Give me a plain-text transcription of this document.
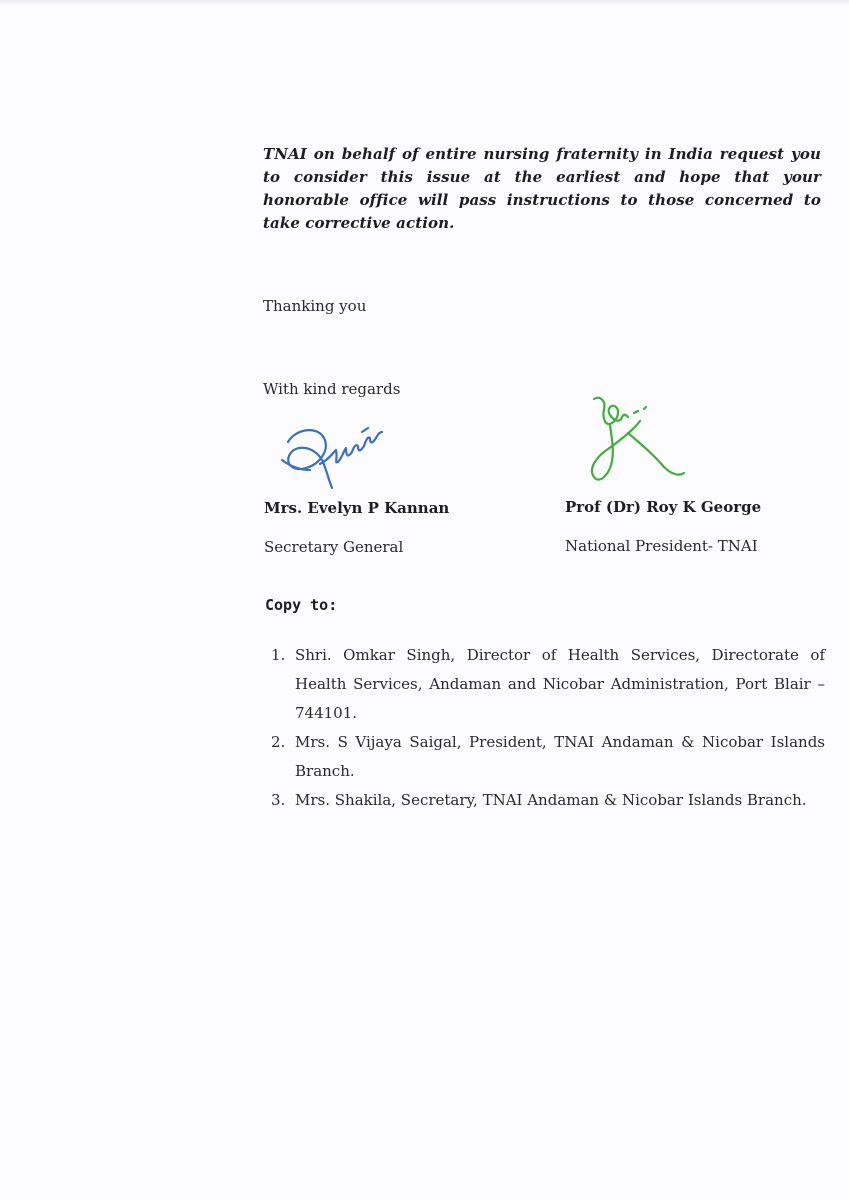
TNAI on behalf of entire nursing fraternity in India request you to consider this issue at the earliest and hope that your honorable office will pass instructions to those concerned to take corrective action.

Thanking you

With kind regards

Mrs. Evelyn P Kannan	Prof (Dr) Roy K George

Secretary General	National President- TNAI

Copy to:

1. Shri. Omkar Singh, Director of Health Services, Directorate of Health Services, Andaman and Nicobar Administration, Port Blair – 744101.
2. Mrs. S Vijaya Saigal, President, TNAI Andaman & Nicobar Islands Branch.
3. Mrs. Shakila, Secretary, TNAI Andaman & Nicobar Islands Branch.
